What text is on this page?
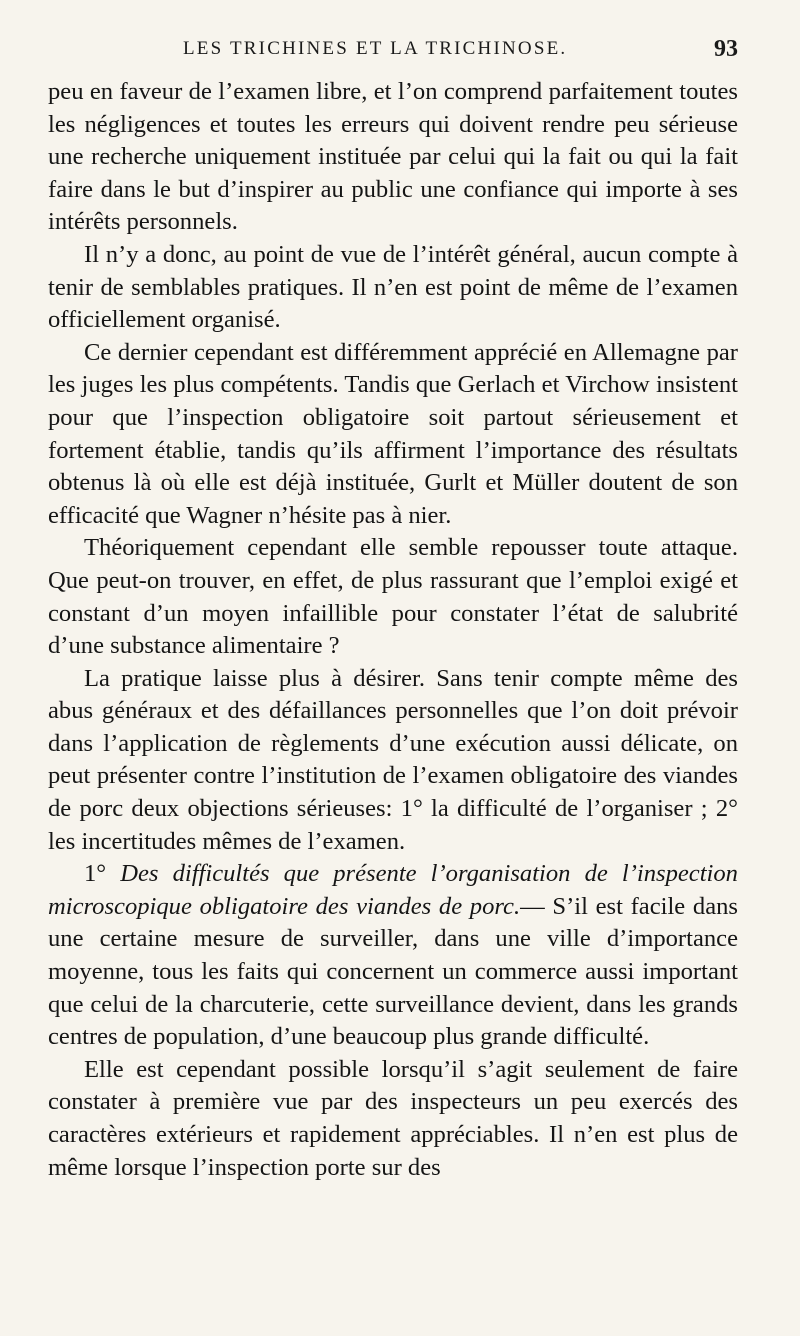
LES TRICHINES ET LA TRICHINOSE.	93

peu en faveur de l’examen libre, et l’on comprend parfaitement toutes les négligences et toutes les erreurs qui doivent rendre peu sérieuse une recherche uniquement instituée par celui qui la fait ou qui la fait faire dans le but d’inspirer au public une confiance qui importe à ses intérêts personnels.

Il n’y a donc, au point de vue de l’intérêt général, aucun compte à tenir de semblables pratiques. Il n’en est point de même de l’examen officiellement organisé.

Ce dernier cependant est différemment apprécié en Allemagne par les juges les plus compétents. Tandis que Gerlach et Virchow insistent pour que l’inspection obligatoire soit partout sérieusement et fortement établie, tandis qu’ils affirment l’importance des résultats obtenus là où elle est déjà instituée, Gurlt et Müller doutent de son efficacité que Wagner n’hésite pas à nier.

Théoriquement cependant elle semble repousser toute attaque. Que peut-on trouver, en effet, de plus rassurant que l’emploi exigé et constant d’un moyen infaillible pour constater l’état de salubrité d’une substance alimentaire ?

La pratique laisse plus à désirer. Sans tenir compte même des abus généraux et des défaillances personnelles que l’on doit prévoir dans l’application de règlements d’une exécution aussi délicate, on peut présenter contre l’institution de l’examen obligatoire des viandes de porc deux objections sérieuses: 1° la difficulté de l’organiser ; 2° les incertitudes mêmes de l’examen.

1° Des difficultés que présente l’organisation de l’inspection microscopique obligatoire des viandes de porc.— S’il est facile dans une certaine mesure de surveiller, dans une ville d’importance moyenne, tous les faits qui concernent un commerce aussi important que celui de la charcuterie, cette surveillance devient, dans les grands centres de population, d’une beaucoup plus grande difficulté.

Elle est cependant possible lorsqu’il s’agit seulement de faire constater à première vue par des inspecteurs un peu exercés des caractères extérieurs et rapidement appréciables. Il n’en est plus de même lorsque l’inspection porte sur des
